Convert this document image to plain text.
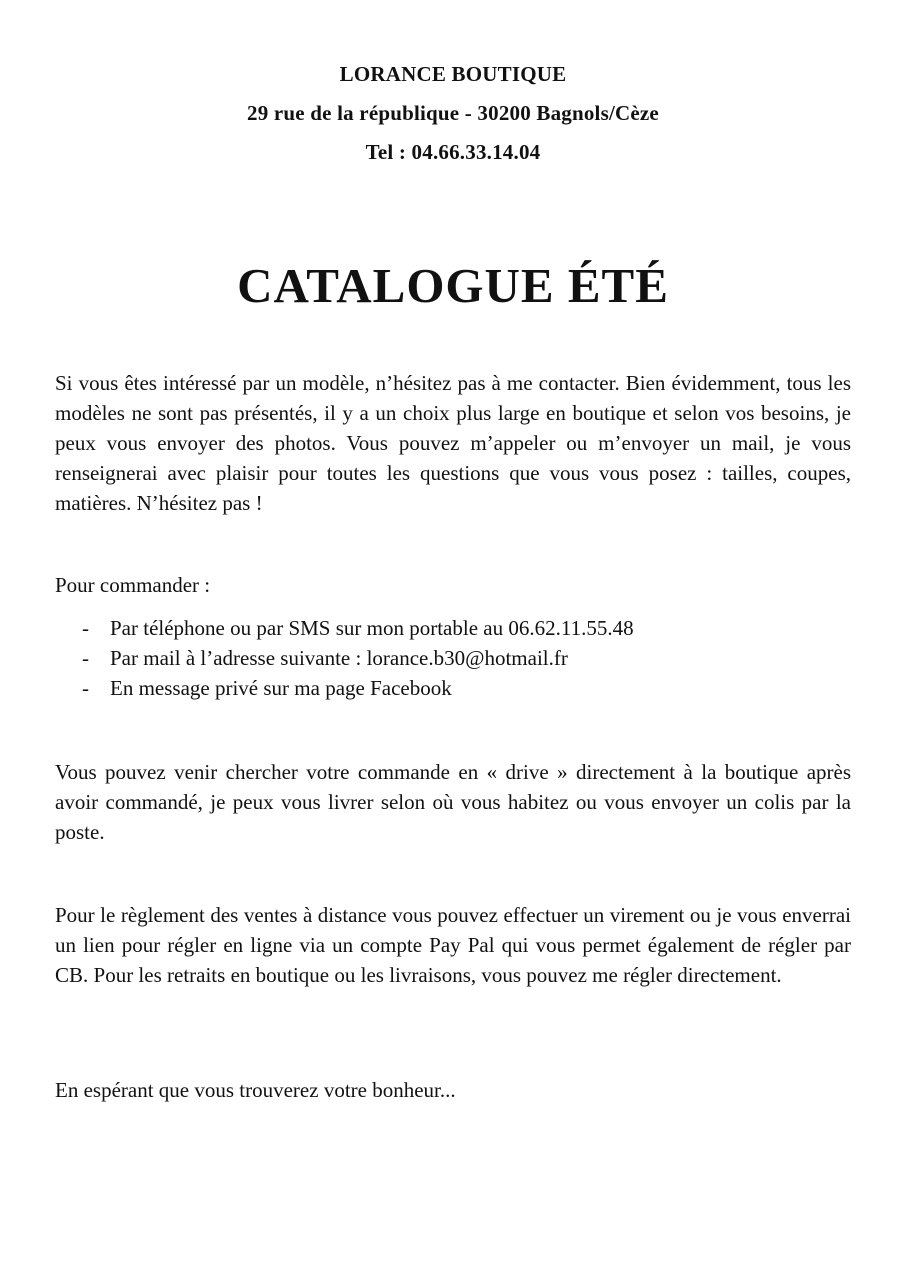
LORANCE BOUTIQUE
29 rue de la république - 30200 Bagnols/Cèze
Tel : 04.66.33.14.04
CATALOGUE ÉTÉ

Si vous êtes intéressé par un modèle, n’hésitez pas à me contacter. Bien évidemment, tous les modèles ne sont pas présentés, il y a un choix plus large en boutique et selon vos besoins, je peux vous envoyer des photos. Vous pouvez m’appeler ou m’envoyer un mail, je vous renseignerai avec plaisir pour toutes les questions que vous vous posez : tailles, coupes, matières. N’hésitez pas !

Pour commander :

- Par téléphone ou par SMS sur mon portable au 06.62.11.55.48
- Par mail à l’adresse suivante : lorance.b30@hotmail.fr
- En message privé sur ma page Facebook

Vous pouvez venir chercher votre commande en « drive » directement à la boutique après avoir commandé, je peux vous livrer selon où vous habitez ou vous envoyer un colis par la poste.

Pour le règlement des ventes à distance vous pouvez effectuer un virement ou je vous enverrai un lien pour régler en ligne via un compte Pay Pal qui vous permet également de régler par CB. Pour les retraits en boutique ou les livraisons, vous pouvez me régler directement.

En espérant que vous trouverez votre bonheur...
